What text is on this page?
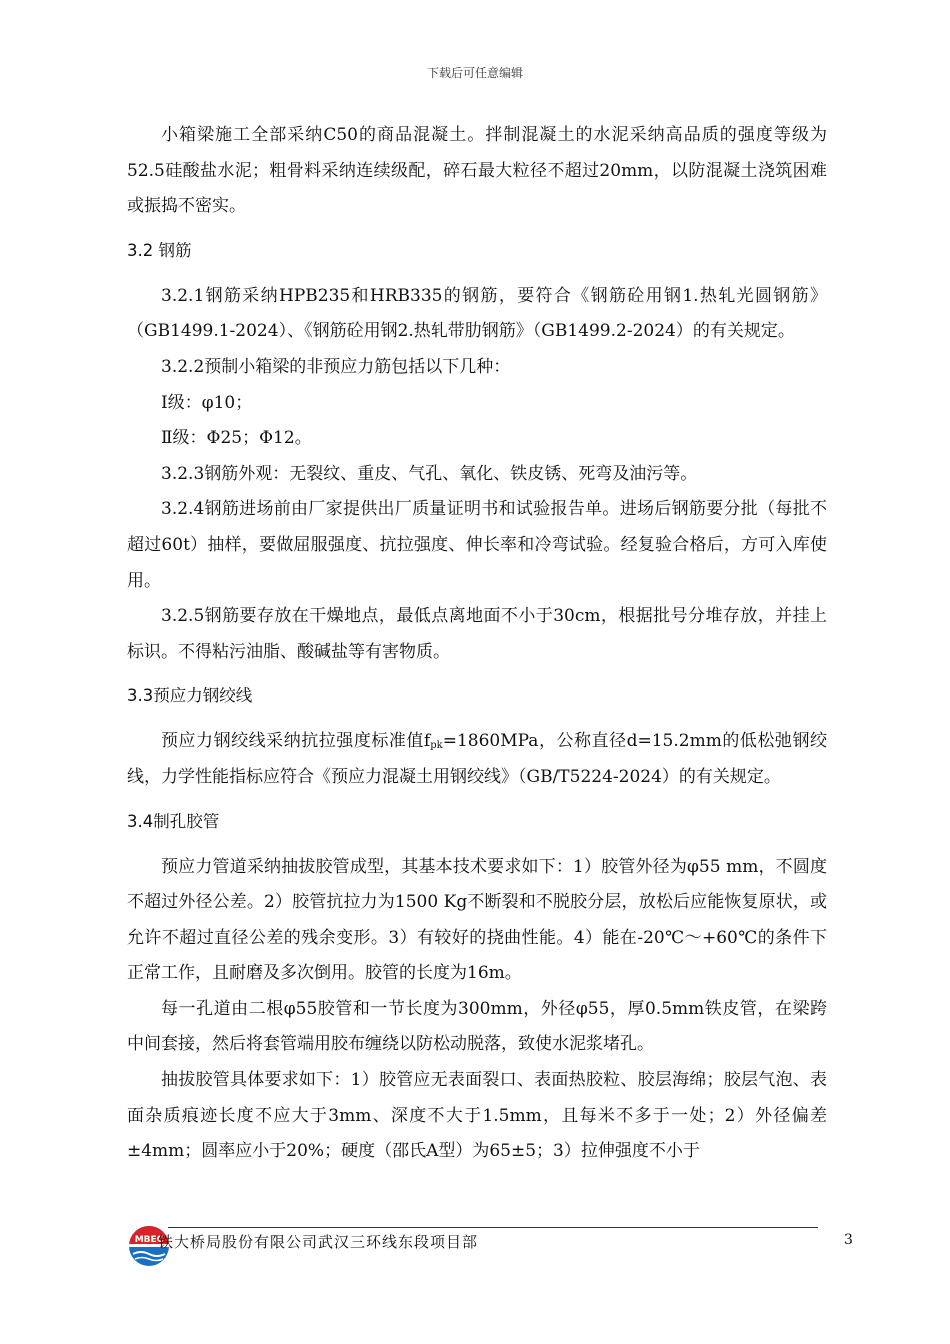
下载后可任意编辑

小箱梁施工全部采纳C50的商品混凝土。拌制混凝土的水泥采纳高品质的强度等级为52.5硅酸盐水泥；粗骨料采纳连续级配，碎石最大粒径不超过20mm，以防混凝土浇筑困难或振捣不密实。

3.2 钢筋

3.2.1钢筋采纳HPB235和HRB335的钢筋，要符合《钢筋砼用钢1.热轧光圆钢筋》（GB1499.1-2024）、《钢筋砼用钢2.热轧带肋钢筋》（GB1499.2-2024）的有关规定。

3.2.2预制小箱梁的非预应力筋包括以下几种：

Ⅰ级：φ10；

Ⅱ级：Φ25；Φ12。

3.2.3钢筋外观：无裂纹、重皮、气孔、氧化、铁皮锈、死弯及油污等。

3.2.4钢筋进场前由厂家提供出厂质量证明书和试验报告单。进场后钢筋要分批（每批不超过60t）抽样，要做屈服强度、抗拉强度、伸长率和冷弯试验。经复验合格后，方可入库使用。

3.2.5钢筋要存放在干燥地点，最低点离地面不小于30cm，根据批号分堆存放，并挂上标识。不得粘污油脂、酸碱盐等有害物质。

3.3预应力钢绞线

预应力钢绞线采纳抗拉强度标准值$f_{pk}=1860MPa$，公称直径d=15.2mm的低松弛钢绞线，力学性能指标应符合《预应力混凝土用钢绞线》（GB/T5224-2024）的有关规定。

3.4制孔胶管

预应力管道采纳抽拔胶管成型，其基本技术要求如下：1）胶管外径为φ55 mm，不圆度不超过外径公差。2）胶管抗拉力为1500 Kg不断裂和不脱胶分层，放松后应能恢复原状，或允许不超过直径公差的残余变形。3）有较好的挠曲性能。4）能在-20℃～+60℃的条件下正常工作，且耐磨及多次倒用。胶管的长度为16m。

每一孔道由二根φ55胶管和一节长度为300mm，外径φ55，厚0.5mm铁皮管，在梁跨中间套接，然后将套管端用胶布缠绕以防松动脱落，致使水泥浆堵孔。

抽拔胶管具体要求如下：1）胶管应无表面裂口、表面热胶粒、胶层海绵；胶层气泡、表面杂质痕迹长度不应大于3mm、深度不大于1.5mm，且每米不多于一处；2）外径偏差±4mm；圆率应小于20%；硬度（邵氏A型）为65±5；3）拉伸强度不小于

MBEC
铁大桥局股份有限公司武汉三环线东段项目部	3
